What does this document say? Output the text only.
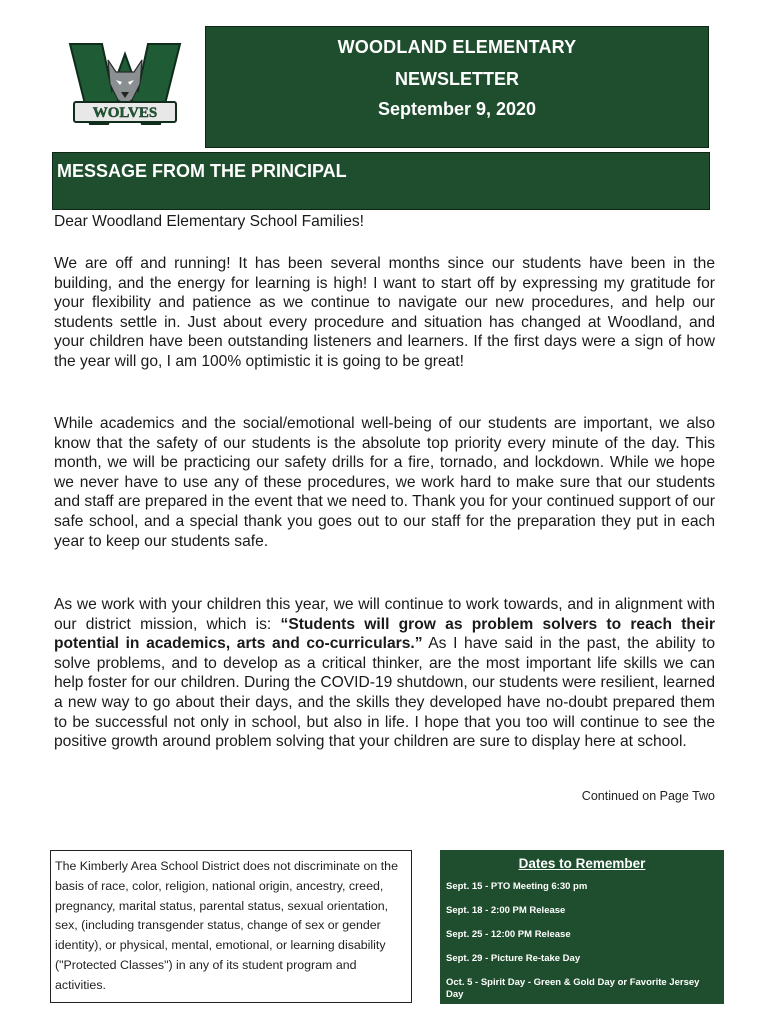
WOLVES
WOODLAND ELEMENTARY
NEWSLETTER
September 9, 2020
MESSAGE FROM THE PRINCIPAL

Dear Woodland Elementary School Families!

We are off and running! It has been several months since our students have been in the building, and the energy for learning is high! I want to start off by expressing my gratitude for your flexibility and patience as we continue to navigate our new procedures, and help our students settle in. Just about every procedure and situation has changed at Woodland, and your children have been outstanding listeners and learners. If the first days were a sign of how the year will go, I am 100% optimistic it is going to be great!

While academics and the social/emotional well-being of our students are important, we also know that the safety of our students is the absolute top priority every minute of the day. This month, we will be practicing our safety drills for a fire, tornado, and lockdown. While we hope we never have to use any of these procedures, we work hard to make sure that our students and staff are prepared in the event that we need to. Thank you for your continued support of our safe school, and a special thank you goes out to our staff for the preparation they put in each year to keep our students safe.

As we work with your children this year, we will continue to work towards, and in alignment with our district mission, which is: “Students will grow as problem solvers to reach their potential in academics, arts and co-curriculars.” As I have said in the past, the ability to solve problems, and to develop as a critical thinker, are the most important life skills we can help foster for our children. During the COVID-19 shutdown, our students were resilient, learned a new way to go about their days, and the skills they developed have no-doubt prepared them to be successful not only in school, but also in life. I hope that you too will continue to see the positive growth around problem solving that your children are sure to display here at school.

Continued on Page Two
The Kimberly Area School District does not discriminate on the basis of race, color, religion, national origin, ancestry, creed, pregnancy, marital status, parental status, sexual orientation, sex, (including transgender status, change of sex or gender identity), or physical, mental, emotional, or learning disability ("Protected Classes") in any of its student program and activities.
Dates to Remember
Sept. 15 - PTO Meeting 6:30 pm
Sept. 18 - 2:00 PM Release
Sept. 25 - 12:00 PM Release
Sept. 29 - Picture Re-take Day
Oct. 5 - Spirit Day - Green & Gold Day or Favorite Jersey Day
